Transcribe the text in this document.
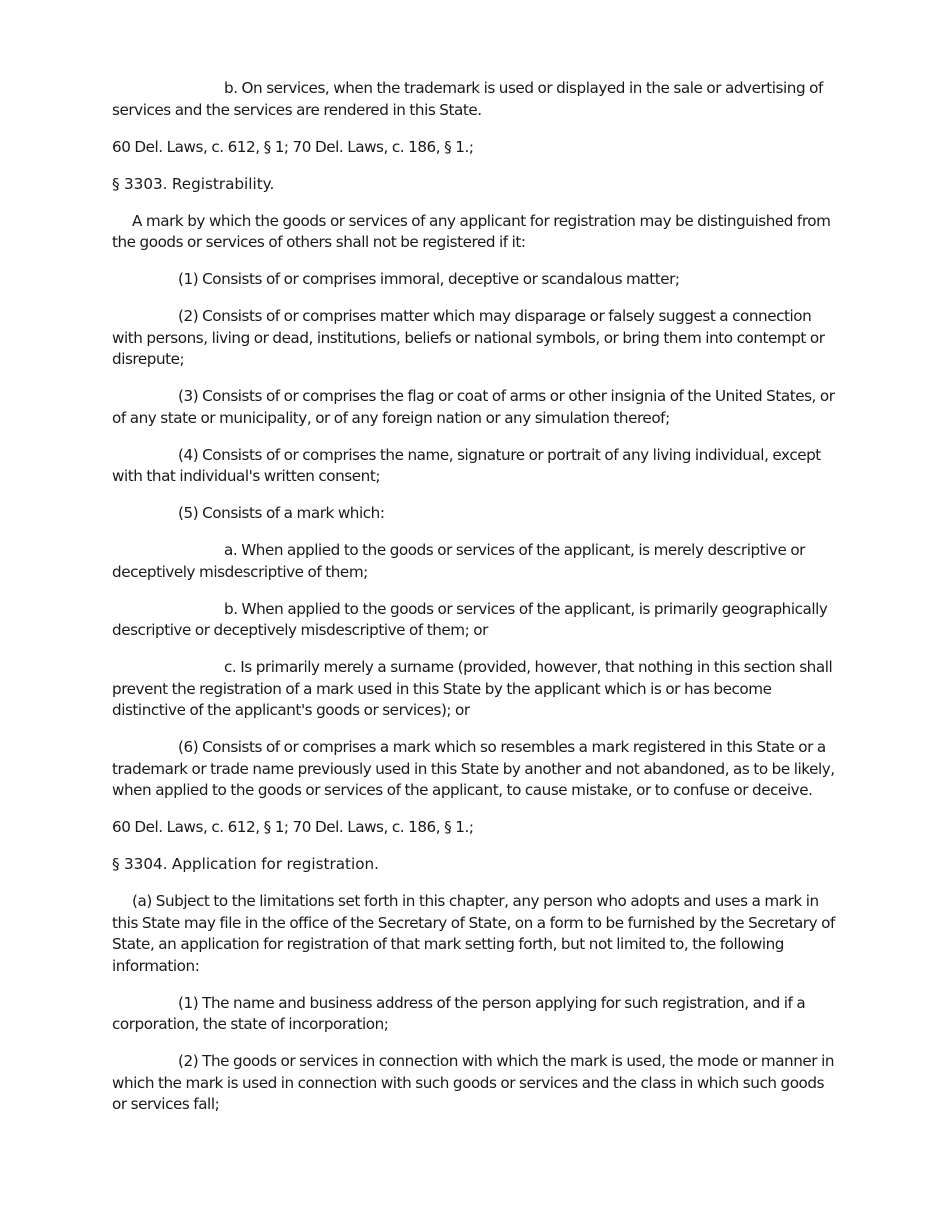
b. On services, when the trademark is used or displayed in the sale or advertising of services and the services are rendered in this State.

60 Del. Laws, c. 612, § 1; 70 Del. Laws, c. 186, § 1.;

§ 3303. Registrability.

A mark by which the goods or services of any applicant for registration may be distinguished from the goods or services of others shall not be registered if it:

(1) Consists of or comprises immoral, deceptive or scandalous matter;

(2) Consists of or comprises matter which may disparage or falsely suggest a connection with persons, living or dead, institutions, beliefs or national symbols, or bring them into contempt or disrepute;

(3) Consists of or comprises the flag or coat of arms or other insignia of the United States, or of any state or municipality, or of any foreign nation or any simulation thereof;

(4) Consists of or comprises the name, signature or portrait of any living individual, except with that individual's written consent;

(5) Consists of a mark which:

a. When applied to the goods or services of the applicant, is merely descriptive or deceptively misdescriptive of them;

b. When applied to the goods or services of the applicant, is primarily geographically descriptive or deceptively misdescriptive of them; or

c. Is primarily merely a surname (provided, however, that nothing in this section shall prevent the registration of a mark used in this State by the applicant which is or has become distinctive of the applicant's goods or services); or

(6) Consists of or comprises a mark which so resembles a mark registered in this State or a trademark or trade name previously used in this State by another and not abandoned, as to be likely, when applied to the goods or services of the applicant, to cause mistake, or to confuse or deceive.

60 Del. Laws, c. 612, § 1; 70 Del. Laws, c. 186, § 1.;

§ 3304. Application for registration.

(a) Subject to the limitations set forth in this chapter, any person who adopts and uses a mark in this State may file in the office of the Secretary of State, on a form to be furnished by the Secretary of State, an application for registration of that mark setting forth, but not limited to, the following information:

(1) The name and business address of the person applying for such registration, and if a corporation, the state of incorporation;

(2) The goods or services in connection with which the mark is used, the mode or manner in which the mark is used in connection with such goods or services and the class in which such goods or services fall;
